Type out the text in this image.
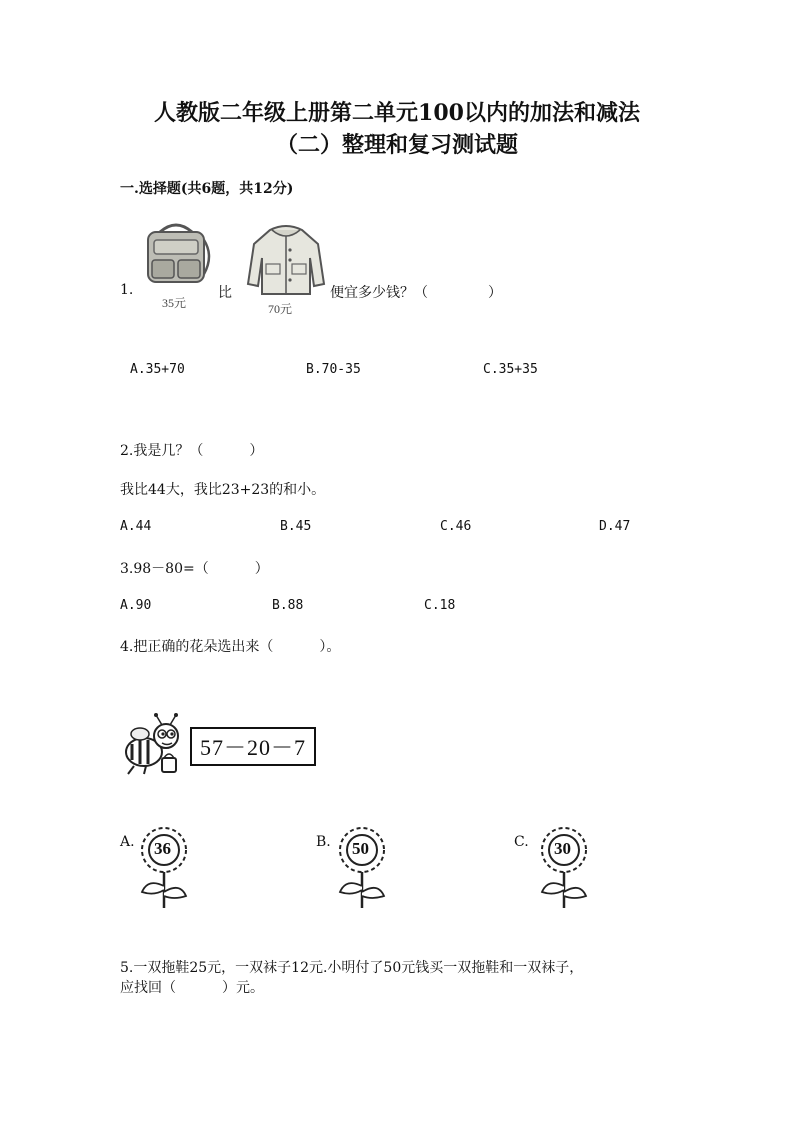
人教版二年级上册第二单元100以内的加法和减法
（二）整理和复习测试题
一.选择题(共6题，共12分)
1.
35元
比
70元
便宜多少钱？（	）
A.35+70	B.70-35	C.35+35
2.我是几？（	）
我比44大，我比23+23的和小。
A.44	B.45	C.46	D.47
3.98－80=（	）
A.90	B.88	C.18
4.把正确的花朵选出来（	）。
57－20－7
A. 36	B. 50	C. 30
5.一双拖鞋25元，一双袜子12元.小明付了50元钱买一双拖鞋和一双袜子，
应找回（	）元。
